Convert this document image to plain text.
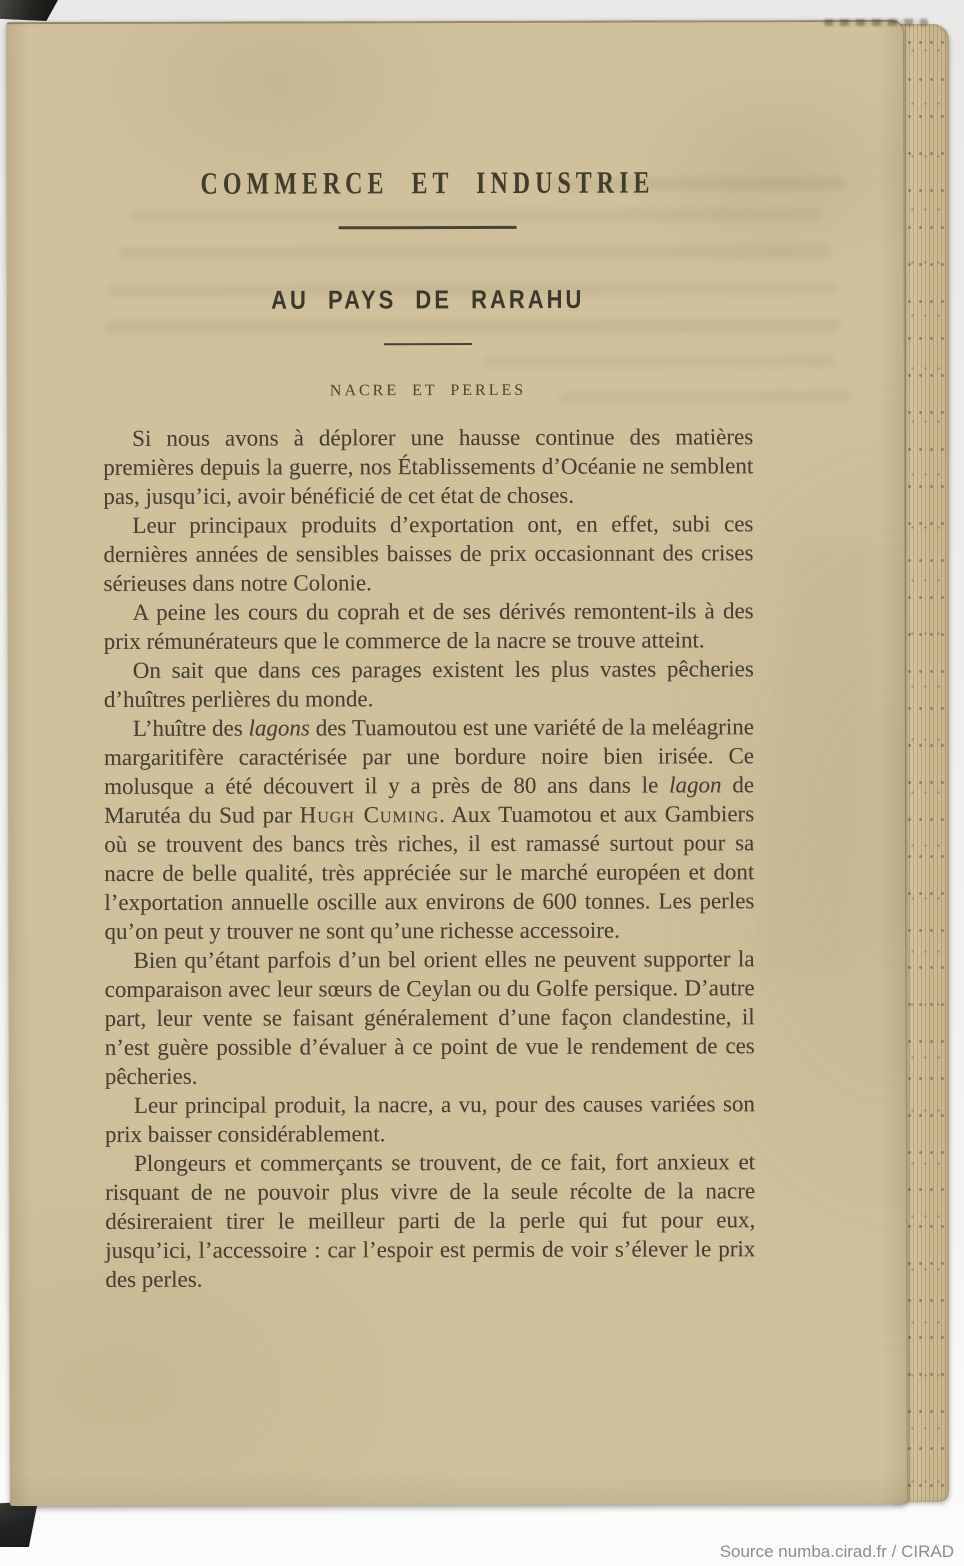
COMMERCE ET INDUSTRIE
AU PAYS DE RARAHU
NACRE ET PERLES

Si nous avons à déplorer une hausse continue des matières premières depuis la guerre, nos Établissements d’Océanie ne semblent pas, jusqu’ici, avoir bénéficié de cet état de choses.

Leur principaux produits d’exportation ont, en effet, subi ces dernières années de sensibles baisses de prix occasionnant des crises sérieuses dans notre Colonie.

A peine les cours du coprah et de ses dérivés remontent-ils à des prix rémunérateurs que le commerce de la nacre se trouve atteint.

On sait que dans ces parages existent les plus vastes pêcheries d’huîtres perlières du monde.

L’huître des lagons des Tuamoutou est une variété de la meléagrine margaritifère caractérisée par une bordure noire bien irisée. Ce molusque a été découvert il y a près de 80 ans dans le lagon de Marutéa du Sud par Hugh Cuming. Aux Tuamotou et aux Gambiers où se trouvent des bancs très riches, il est ramassé surtout pour sa nacre de belle qualité, très appréciée sur le marché européen et dont l’exportation annuelle oscille aux environs de 600 tonnes. Les perles qu’on peut y trouver ne sont qu’une richesse accessoire.

Bien qu’étant parfois d’un bel orient elles ne peuvent supporter la comparaison avec leur sœurs de Ceylan ou du Golfe persique. D’autre part, leur vente se faisant généralement d’une façon clandestine, il n’est guère possible d’évaluer à ce point de vue le rendement de ces pêcheries.

Leur principal produit, la nacre, a vu, pour des causes variées son prix baisser considérablement.

Plongeurs et commerçants se trouvent, de ce fait, fort anxieux et risquant de ne pouvoir plus vivre de la seule récolte de la nacre désireraient tirer le meilleur parti de la perle qui fut pour eux, jusqu’ici, l’accessoire : car l’espoir est permis de voir s’élever le prix des perles.

Source numba.cirad.fr / CIRAD
